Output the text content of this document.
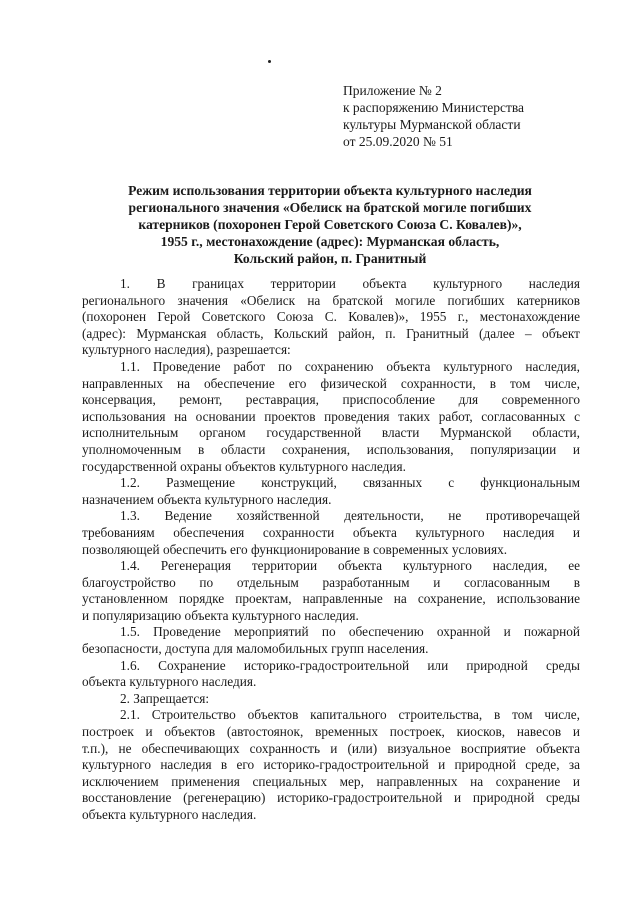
Приложение № 2
к распоряжению Министерства
культуры Мурманской области
от 25.09.2020 № 51
Режим использования территории объекта культурного наследия
регионального значения «Обелиск на братской могиле погибших
катерников (похоронен Герой Советского Союза С. Ковалев)»,
1955 г., местонахождение (адрес): Мурманская область,
Кольский район, п. Гранитный

1. В границах территории объекта культурного наследия
регионального значения «Обелиск на братской могиле погибших катерников
(похоронен Герой Советского Союза С. Ковалев)», 1955 г., местонахождение
(адрес): Мурманская область, Кольский район, п. Гранитный (далее – объект
культурного наследия), разрешается:

1.1. Проведение работ по сохранению объекта культурного наследия,
направленных на обеспечение его физической сохранности, в том числе,
консервация, ремонт, реставрация, приспособление для современного
использования на основании проектов проведения таких работ, согласованных с
исполнительным органом государственной власти Мурманской области,
уполномоченным в области сохранения, использования, популяризации и
государственной охраны объектов культурного наследия.

1.2. Размещение конструкций, связанных с функциональным
назначением объекта культурного наследия.

1.3. Ведение хозяйственной деятельности, не противоречащей
требованиям обеспечения сохранности объекта культурного наследия и
позволяющей обеспечить его функционирование в современных условиях.

1.4. Регенерация территории объекта культурного наследия, ее
благоустройство по отдельным разработанным и согласованным в
установленном порядке проектам, направленные на сохранение, использование
и популяризацию объекта культурного наследия.

1.5. Проведение мероприятий по обеспечению охранной и пожарной
безопасности, доступа для маломобильных групп населения.

1.6. Сохранение историко-градостроительной или природной среды
объекта культурного наследия.

2. Запрещается:

2.1. Строительство объектов капитального строительства, в том числе,
построек и объектов (автостоянок, временных построек, киосков, навесов и
т.п.), не обеспечивающих сохранность и (или) визуальное восприятие объекта
культурного наследия в его историко-градостроительной и природной среде, за
исключением применения специальных мер, направленных на сохранение и
восстановление (регенерацию) историко-градостроительной и природной среды
объекта культурного наследия.
